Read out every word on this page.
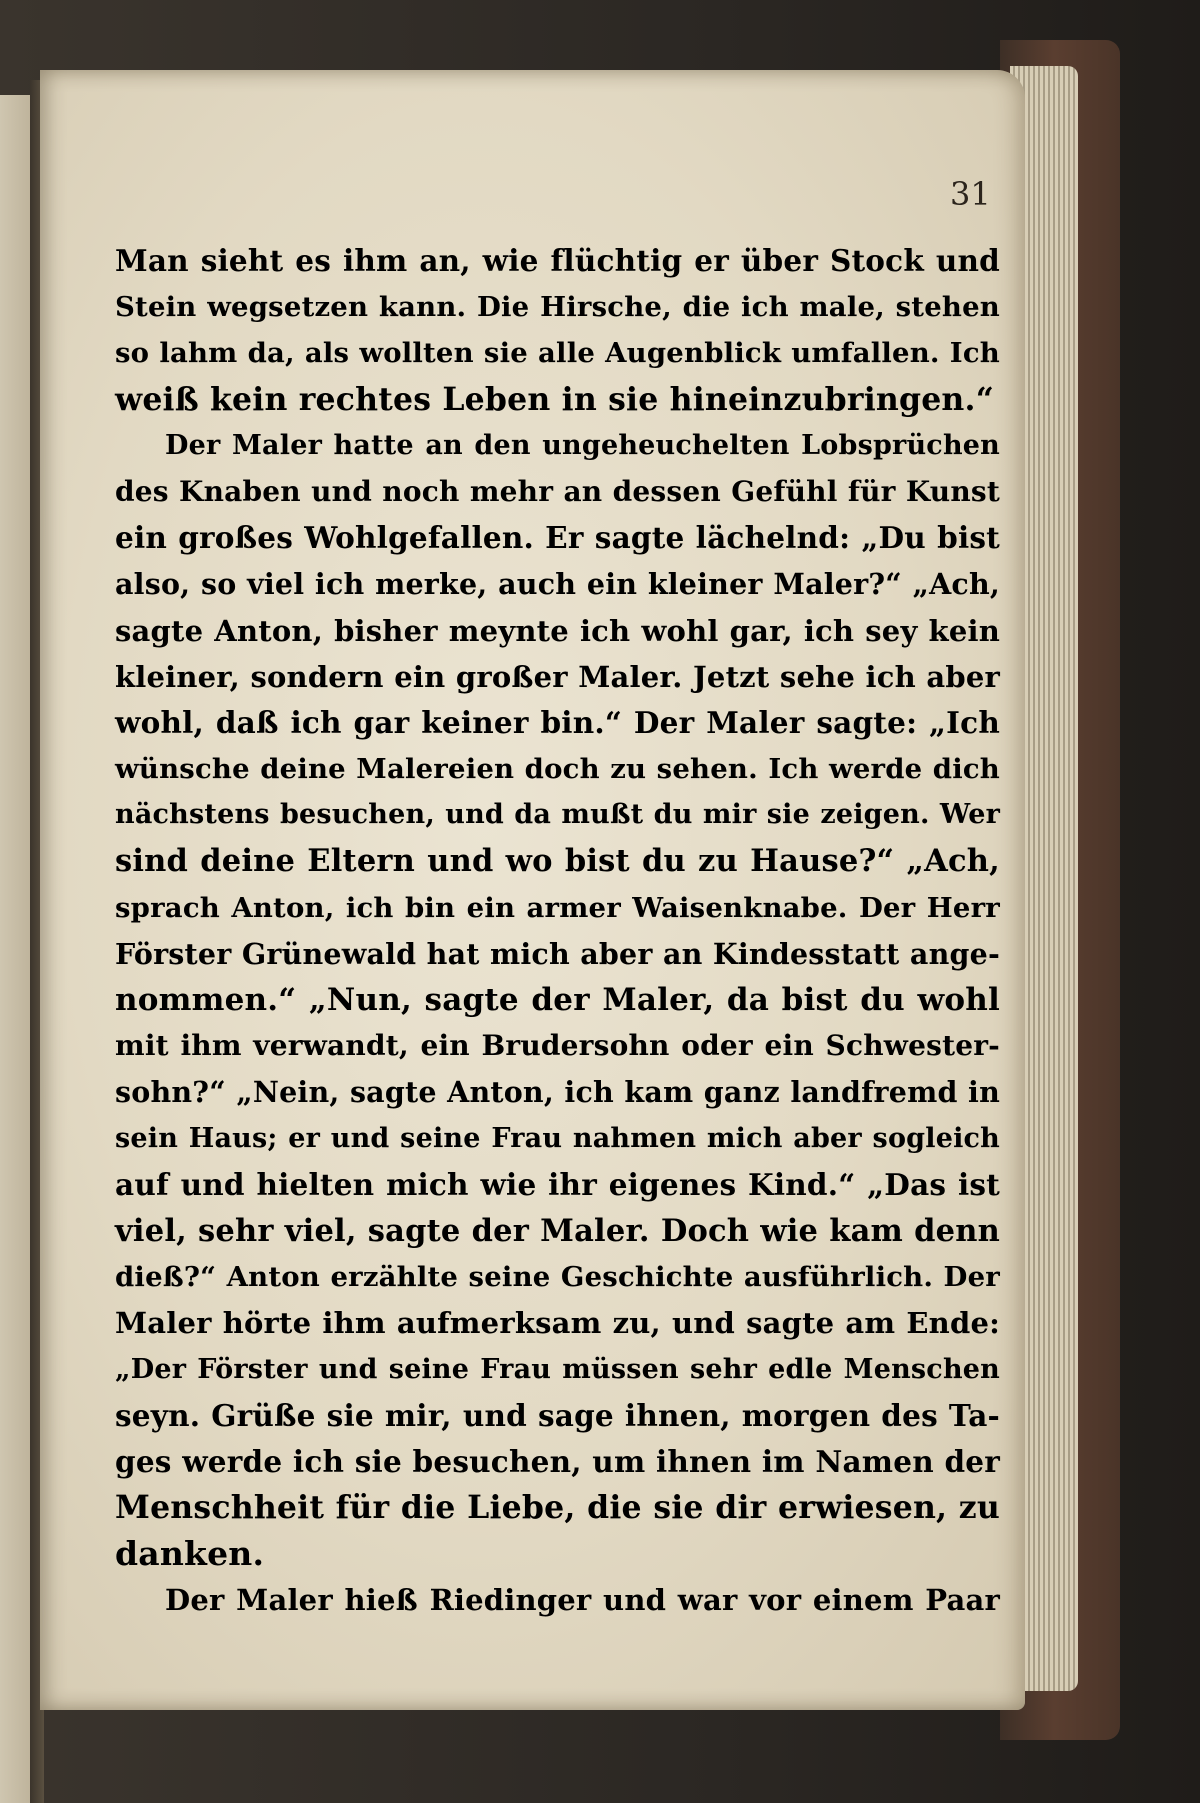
31
Man sieht es ihm an, wie flüchtig er über Stock und
Stein wegsetzen kann. Die Hirsche, die ich male, stehen
so lahm da, als wollten sie alle Augenblick umfallen. Ich
weiß kein rechtes Leben in sie hineinzubringen.“
Der Maler hatte an den ungeheuchelten Lobsprüchen
des Knaben und noch mehr an dessen Gefühl für Kunst
ein großes Wohlgefallen. Er sagte lächelnd: „Du bist
also, so viel ich merke, auch ein kleiner Maler?“ „Ach,
sagte Anton, bisher meynte ich wohl gar, ich sey kein
kleiner, sondern ein großer Maler. Jetzt sehe ich aber
wohl, daß ich gar keiner bin.“ Der Maler sagte: „Ich
wünsche deine Malereien doch zu sehen. Ich werde dich
nächstens besuchen, und da mußt du mir sie zeigen. Wer
sind deine Eltern und wo bist du zu Hause?“ „Ach,
sprach Anton, ich bin ein armer Waisenknabe. Der Herr
Förster Grünewald hat mich aber an Kindesstatt ange-
nommen.“ „Nun, sagte der Maler, da bist du wohl
mit ihm verwandt, ein Brudersohn oder ein Schwester-
sohn?“ „Nein, sagte Anton, ich kam ganz landfremd in
sein Haus; er und seine Frau nahmen mich aber sogleich
auf und hielten mich wie ihr eigenes Kind.“ „Das ist
viel, sehr viel, sagte der Maler. Doch wie kam denn
dieß?“ Anton erzählte seine Geschichte ausführlich. Der
Maler hörte ihm aufmerksam zu, und sagte am Ende:
„Der Förster und seine Frau müssen sehr edle Menschen
seyn. Grüße sie mir, und sage ihnen, morgen des Ta-
ges werde ich sie besuchen, um ihnen im Namen der
Menschheit für die Liebe, die sie dir erwiesen, zu
danken.
Der Maler hieß Riedinger und war vor einem Paar
